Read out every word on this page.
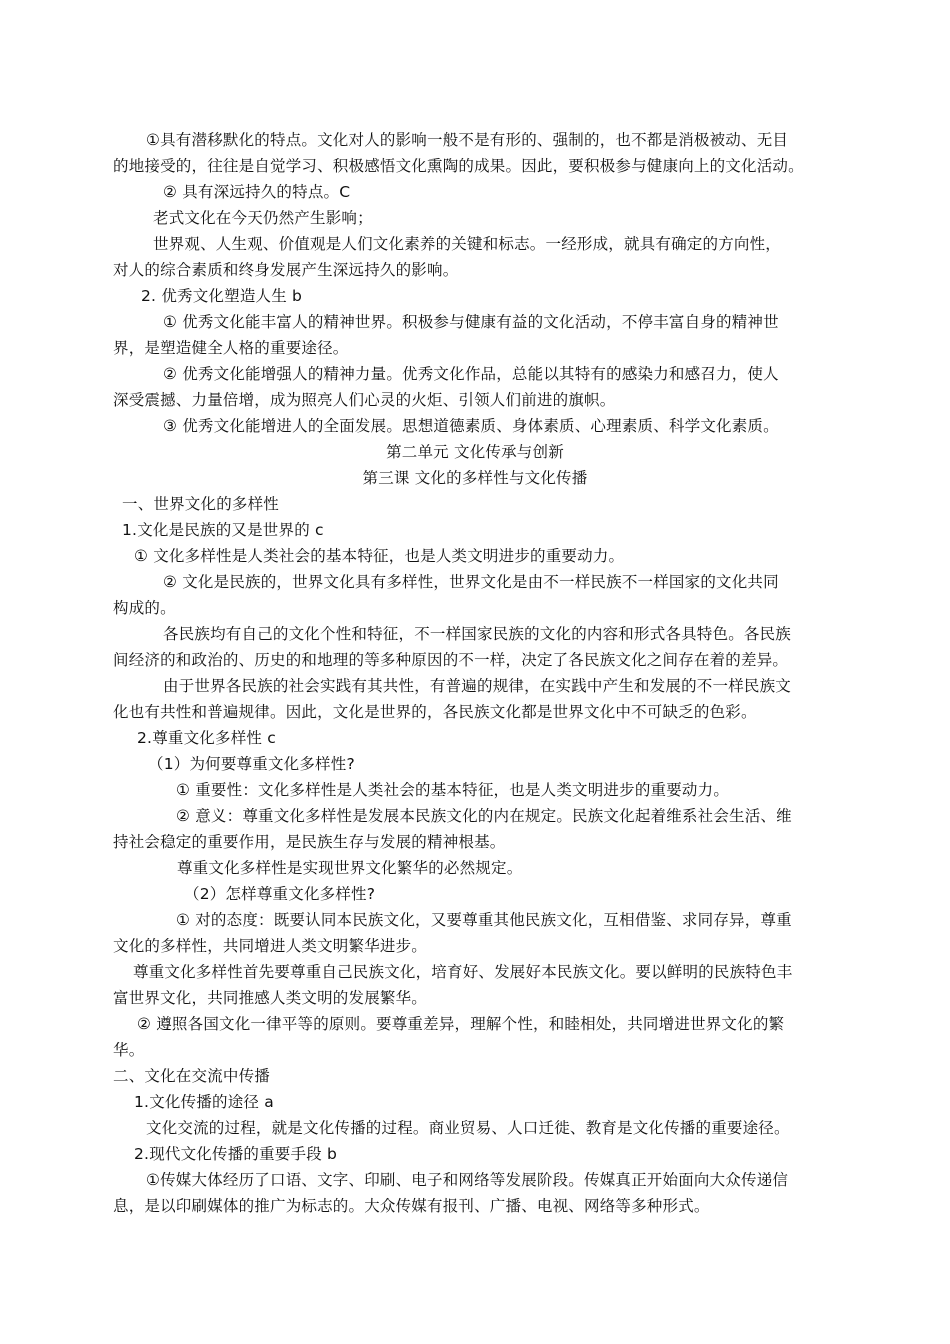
①具有潜移默化的特点。文化对人的影响一般不是有形的、强制的，也不都是消极被动、无目
的地接受的，往往是自觉学习、积极感悟文化熏陶的成果。因此，要积极参与健康向上的文化活动。
② 具有深远持久的特点。C
老式文化在今天仍然产生影响；
世界观、人生观、价值观是人们文化素养的关键和标志。一经形成，就具有确定的方向性，
对人的综合素质和终身发展产生深远持久的影响。
2. 优秀文化塑造人生 b
① 优秀文化能丰富人的精神世界。积极参与健康有益的文化活动，不停丰富自身的精神世
界，是塑造健全人格的重要途径。
② 优秀文化能增强人的精神力量。优秀文化作品，总能以其特有的感染力和感召力，使人
深受震撼、力量倍增，成为照亮人们心灵的火炬、引领人们前进的旗帜。
③ 优秀文化能增进人的全面发展。思想道德素质、身体素质、心理素质、科学文化素质。
第二单元 文化传承与创新
第三课 文化的多样性与文化传播
一、世界文化的多样性
1.文化是民族的又是世界的 c
① 文化多样性是人类社会的基本特征，也是人类文明进步的重要动力。
② 文化是民族的，世界文化具有多样性，世界文化是由不一样民族不一样国家的文化共同
构成的。
各民族均有自己的文化个性和特征，不一样国家民族的文化的内容和形式各具特色。各民族
间经济的和政治的、历史的和地理的等多种原因的不一样，决定了各民族文化之间存在着的差异。
由于世界各民族的社会实践有其共性，有普遍的规律，在实践中产生和发展的不一样民族文
化也有共性和普遍规律。因此，文化是世界的，各民族文化都是世界文化中不可缺乏的色彩。
2.尊重文化多样性 c
（1）为何要尊重文化多样性?
① 重要性：文化多样性是人类社会的基本特征，也是人类文明进步的重要动力。
② 意义：尊重文化多样性是发展本民族文化的内在规定。民族文化起着维系社会生活、维
持社会稳定的重要作用，是民族生存与发展的精神根基。
尊重文化多样性是实现世界文化繁华的必然规定。
（2）怎样尊重文化多样性?
① 对的态度：既要认同本民族文化，又要尊重其他民族文化，互相借鉴、求同存异，尊重
文化的多样性，共同增进人类文明繁华进步。
尊重文化多样性首先要尊重自己民族文化，培育好、发展好本民族文化。要以鲜明的民族特色丰
富世界文化，共同推感人类文明的发展繁华。
② 遵照各国文化一律平等的原则。要尊重差异，理解个性，和睦相处，共同增进世界文化的繁
华。
二、文化在交流中传播
1.文化传播的途径 a
文化交流的过程，就是文化传播的过程。商业贸易、人口迁徙、教育是文化传播的重要途径。
2.现代文化传播的重要手段 b
①传媒大体经历了口语、文字、印刷、电子和网络等发展阶段。传媒真正开始面向大众传递信
息，是以印刷媒体的推广为标志的。大众传媒有报刊、广播、电视、网络等多种形式。
